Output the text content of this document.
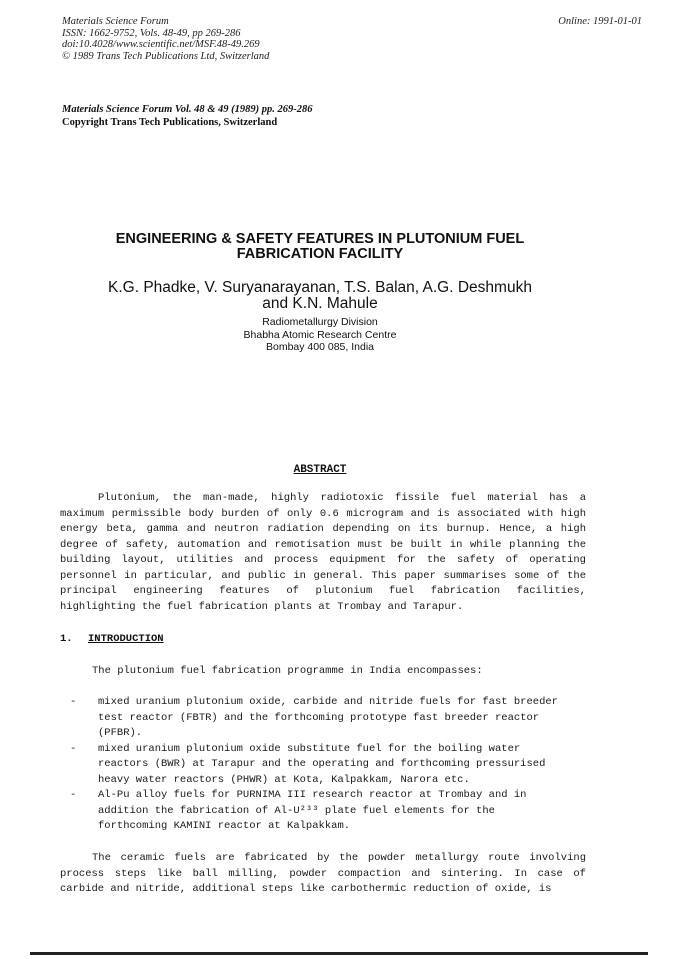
Materials Science Forum
ISSN: 1662-9752, Vols. 48-49, pp 269-286
doi:10.4028/www.scientific.net/MSF.48-49.269
© 1989 Trans Tech Publications Ltd, Switzerland
Online: 1991-01-01
Materials Science Forum Vol. 48 & 49 (1989) pp. 269-286
Copyright Trans Tech Publications, Switzerland
ENGINEERING & SAFETY FEATURES IN PLUTONIUM FUEL
FABRICATION FACILITY
K.G. Phadke, V. Suryanarayanan, T.S. Balan, A.G. Deshmukh
and K.N. Mahule
Radiometallurgy Division
Bhabha Atomic Research Centre
Bombay 400 085, India
ABSTRACT

Plutonium, the man-made, highly radiotoxic fissile fuel material has a maximum permissible body burden of only 0.6 microgram and is associated with high energy beta, gamma and neutron radiation depending on its burnup. Hence, a high degree of safety, automation and remotisation must be built in while planning the building layout, utilities and process equipment for the safety of operating personnel in particular, and public in general. This paper summarises some of the principal engineering features of plutonium fuel fabrication facilities, highlighting the fuel fabrication plants at Trombay and Tarapur.

1. INTRODUCTION
The plutonium fuel fabrication programme in India encompasses:
- mixed uranium plutonium oxide, carbide and nitride fuels for fast breeder
test reactor (FBTR) and the forthcoming prototype fast breeder reactor
(PFBR).
- mixed uranium plutonium oxide substitute fuel for the boiling water
reactors (BWR) at Tarapur and the operating and forthcoming pressurised
heavy water reactors (PHWR) at Kota, Kalpakkam, Narora etc.
- Al-Pu alloy fuels for PURNIMA III research reactor at Trombay and in
addition the fabrication of Al-U²³³ plate fuel elements for the
forthcoming KAMINI reactor at Kalpakkam.

The ceramic fuels are fabricated by the powder metallurgy route involving process steps like ball milling, powder compaction and sintering. In case of carbide and nitride, additional steps like carbothermic reduction of oxide, is
